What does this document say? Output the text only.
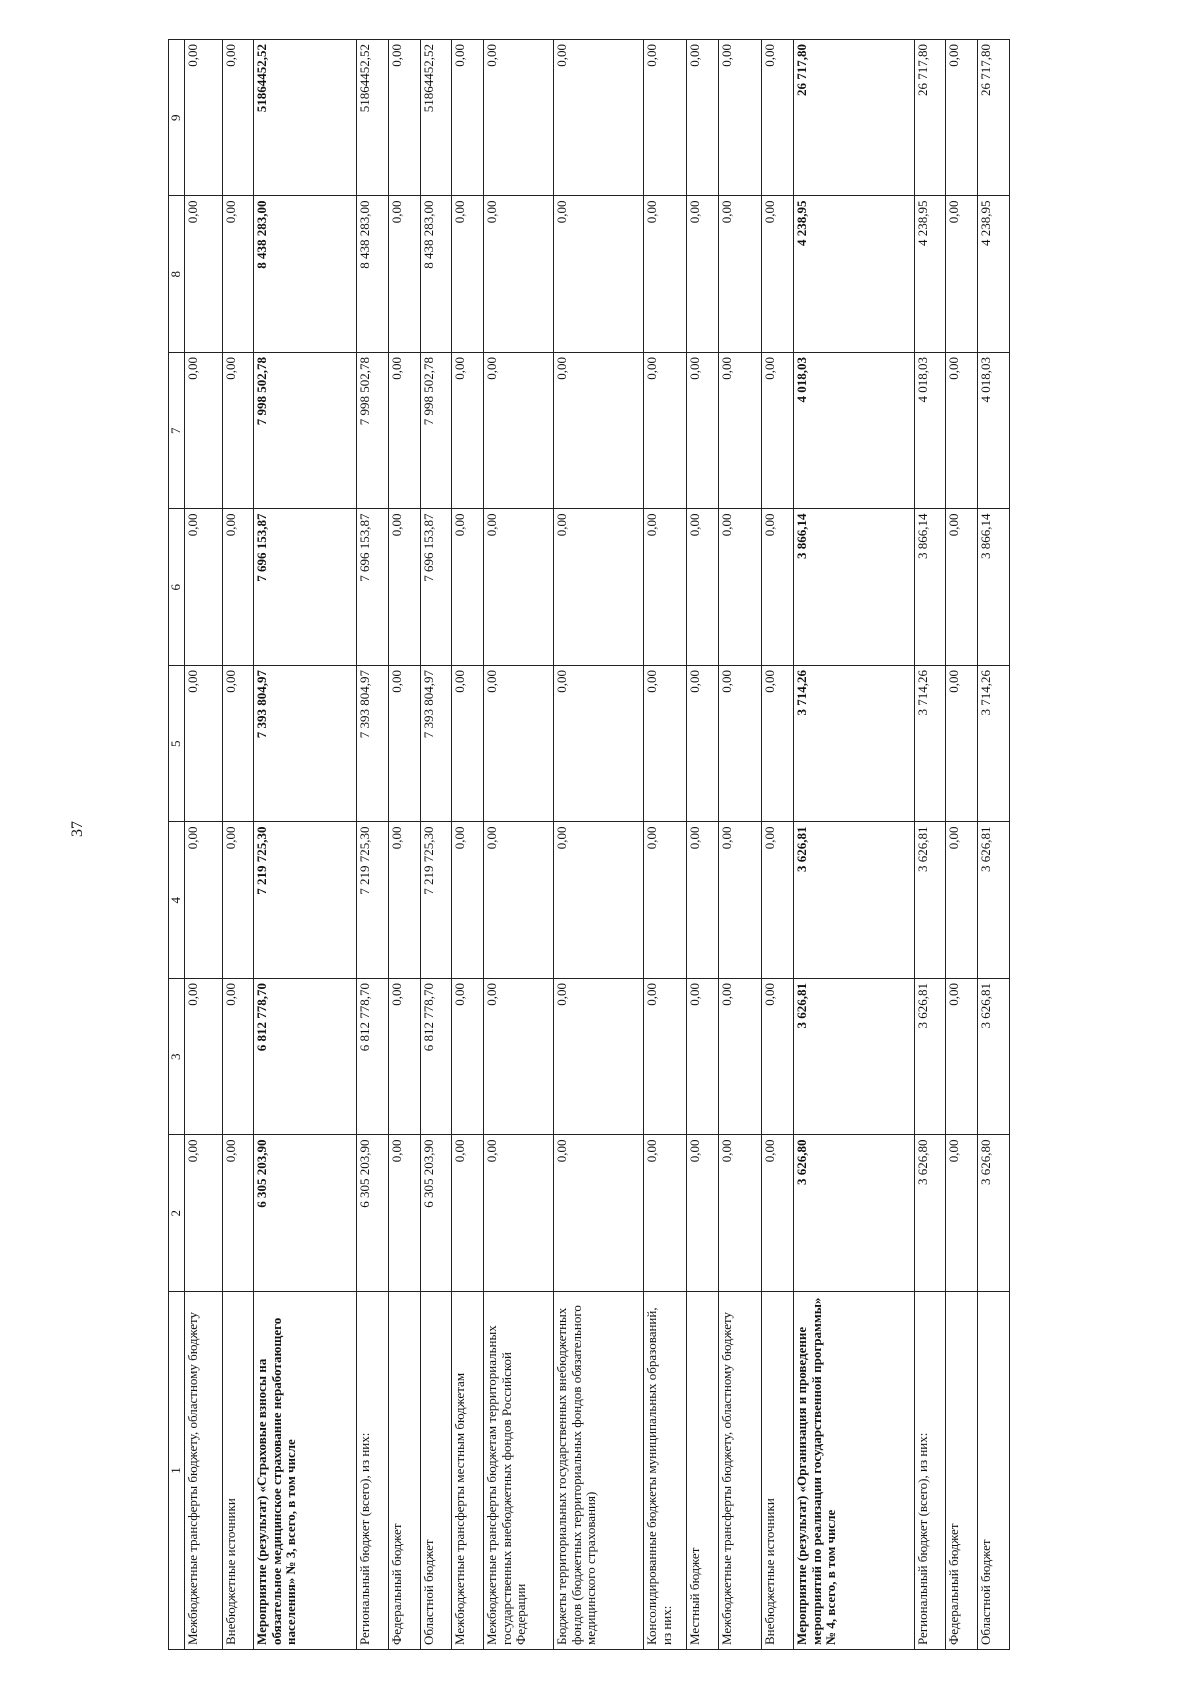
37
1	2	3	4	5	6	7	8	9
Межбюджетные трансферты бюджету, областному бюджету	0,00	0,00	0,00	0,00	0,00	0,00	0,00	0,00
Внебюджетные источники	0,00	0,00	0,00	0,00	0,00	0,00	0,00	0,00
Мероприятие (результат) «Страховые взносы на обязательное медицинское страхование неработающего населения» № 3, всего, в том числе	6 305 203,90	6 812 778,70	7 219 725,30	7 393 804,97	7 696 153,87	7 998 502,78	8 438 283,00	51864452,52
Региональный бюджет (всего), из них:	6 305 203,90	6 812 778,70	7 219 725,30	7 393 804,97	7 696 153,87	7 998 502,78	8 438 283,00	51864452,52
Федеральный бюджет	0,00	0,00	0,00	0,00	0,00	0,00	0,00	0,00
Областной бюджет	6 305 203,90	6 812 778,70	7 219 725,30	7 393 804,97	7 696 153,87	7 998 502,78	8 438 283,00	51864452,52
Межбюджетные трансферты местным бюджетам	0,00	0,00	0,00	0,00	0,00	0,00	0,00	0,00
Межбюджетные трансферты бюджетам территориальных государственных внебюджетных фондов Российской Федерации	0,00	0,00	0,00	0,00	0,00	0,00	0,00	0,00
Бюджеты территориальных государственных внебюджетных фондов (бюджетных территориальных фондов обязательного медицинского страхования)	0,00	0,00	0,00	0,00	0,00	0,00	0,00	0,00
Консолидированные бюджеты муниципальных образований, из них:	0,00	0,00	0,00	0,00	0,00	0,00	0,00	0,00
Местный бюджет	0,00	0,00	0,00	0,00	0,00	0,00	0,00	0,00
Межбюджетные трансферты бюджету, областному бюджету	0,00	0,00	0,00	0,00	0,00	0,00	0,00	0,00
Внебюджетные источники	0,00	0,00	0,00	0,00	0,00	0,00	0,00	0,00
Мероприятие (результат) «Организация и проведение мероприятий по реализации государственной программы» № 4, всего, в том числе	3 626,80	3 626,81	3 626,81	3 714,26	3 866,14	4 018,03	4 238,95	26 717,80
Региональный бюджет (всего), из них:	3 626,80	3 626,81	3 626,81	3 714,26	3 866,14	4 018,03	4 238,95	26 717,80
Федеральный бюджет	0,00	0,00	0,00	0,00	0,00	0,00	0,00	0,00
Областной бюджет	3 626,80	3 626,81	3 626,81	3 714,26	3 866,14	4 018,03	4 238,95	26 717,80
